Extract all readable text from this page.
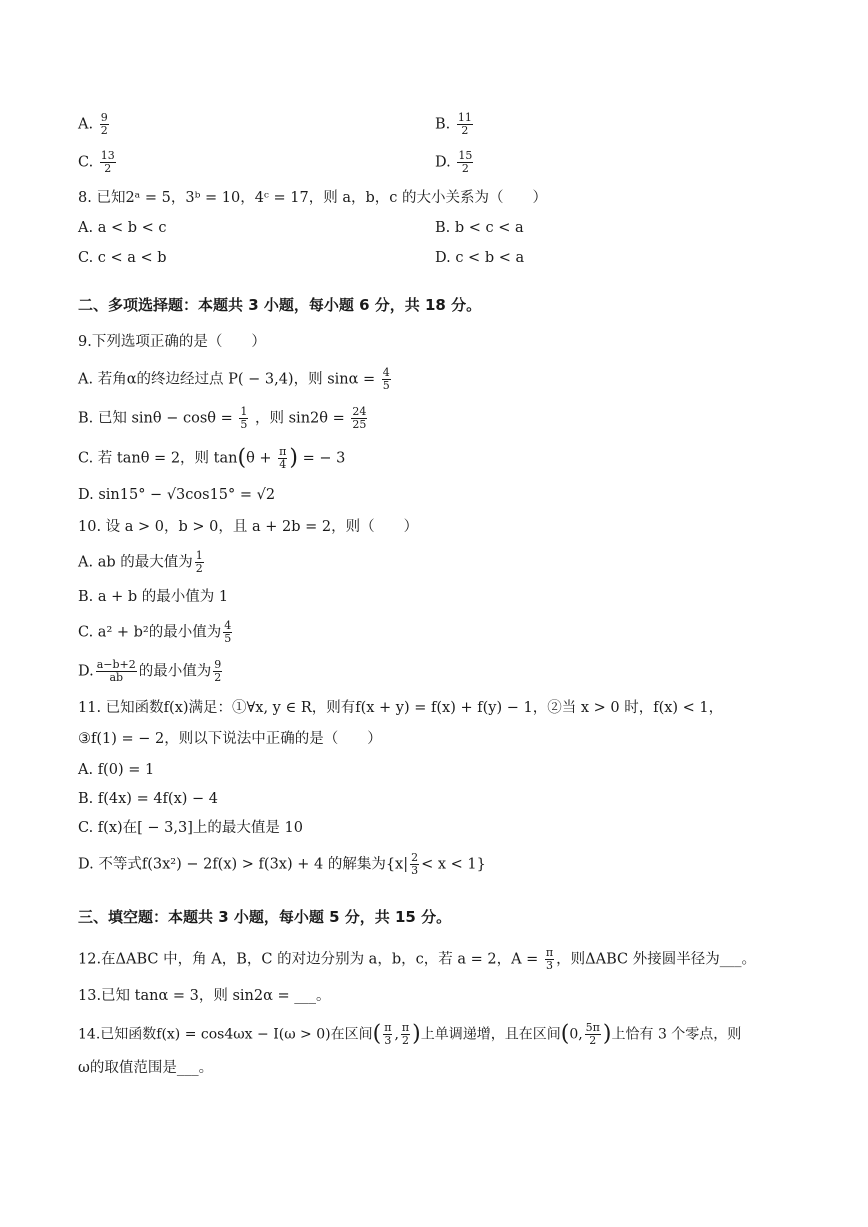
A. $\frac{9}{2}$	B. $\frac{11}{2}$
C. $\frac{13}{2}$	D. $\frac{15}{2}$
8. 已知2ᵃ = 5，3ᵇ = 10，4ᶜ = 17，则 a，b，c 的大小关系为（　　）
A. a < b < c	B. b < c < a
C. c < a < b	D. c < b < a
二、多项选择题：本题共 3 小题，每小题 6 分，共 18 分。
9.下列选项正确的是（　　）
A. 若角α的终边经过点 P( − 3,4)，则 $\sin\alpha = \frac{4}{5}$
B. 已知 $\sin\theta - \cos\theta = \frac{1}{5}$ ，则 $\sin 2\theta = \frac{24}{25}$
C. 若 tanθ = 2，则 $\tan(\theta + \frac{\pi}{4}$ ) = − 3
D. sin15° − √3cos15° = √2
10. 设 a > 0，b > 0，且 a + 2b = 2，则（　　）
A. ab 的最大值为 $\frac{1}{2}$
B. a + b 的最小值为 1
C. a² + b²的最小值为 $\frac{4}{5}$
D. $\frac{a-b+2}{ab}$ 的最小值为 $\frac{9}{2}$
11. 已知函数f(x)满足：①∀x, y ∈ R，则有f(x + y) = f(x) + f(y) − 1，②当 x > 0 时，f(x) < 1，
③f(1) = − 2，则以下说法中正确的是（　　）
A. f(0) = 1
B. f(4x) = 4f(x) − 4
C. f(x)在[ − 3,3]上的最大值是 10
D. 不等式f(3x²) − 2f(x) > f(3x) + 4 的解集为$\{x| \frac{2}{3} < x < 1\}$
三、填空题：本题共 3 小题，每小题 5 分，共 15 分。
12.在ΔABC 中，角 A，B，C 的对边分别为 a，b，c，若 a = 2，$A = \frac{\pi}{3}$ ，则ΔABC 外接圆半径为___。
13.已知 tanα = 3，则 sin2α = ___。
14.已知函数f(x) = cos4ωx − I(ω > 0)在区间( $\frac{\pi}{3}$ , $\frac{\pi}{2}$ )上单调递增，且在区间(0, $\frac{5\pi}{2}$ )上恰有 3 个零点，则
ω的取值范围是___。
